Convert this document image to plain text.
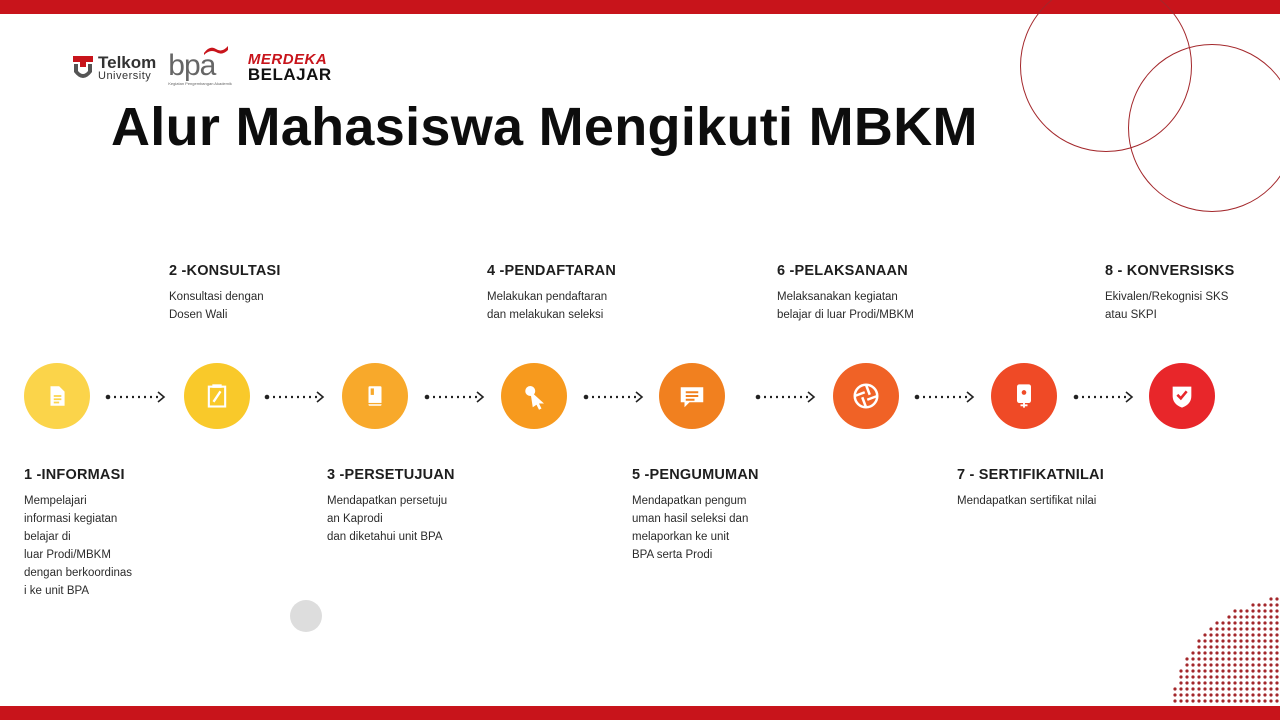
Telkom
University bpa
Kegiatan Pengembangan Akademik
MERDEKA
BELAJAR
Alur Mahasiswa Mengikuti MBKM
1 -INFORMASI
Mempelajari
informasi kegiatan
belajar di
luar Prodi/MBKM
dengan berkoordinas
i ke unit BPA
2 -KONSULTASI
Konsultasi dengan
Dosen Wali
3 -PERSETUJUAN
Mendapatkan persetuju
an Kaprodi
dan diketahui unit BPA
4 -PENDAFTARAN
Melakukan pendaftaran
dan melakukan seleksi
5 -PENGUMUMAN
Mendapatkan pengum
uman hasil seleksi dan
melaporkan ke unit
BPA serta Prodi
6 -PELAKSANAAN
Melaksanakan kegiatan
belajar di luar Prodi/MBKM
7 - SERTIFIKATNILAI
Mendapatkan sertifikat nilai
8 - KONVERSISKS
Ekivalen/Rekognisi SKS
atau SKPI
